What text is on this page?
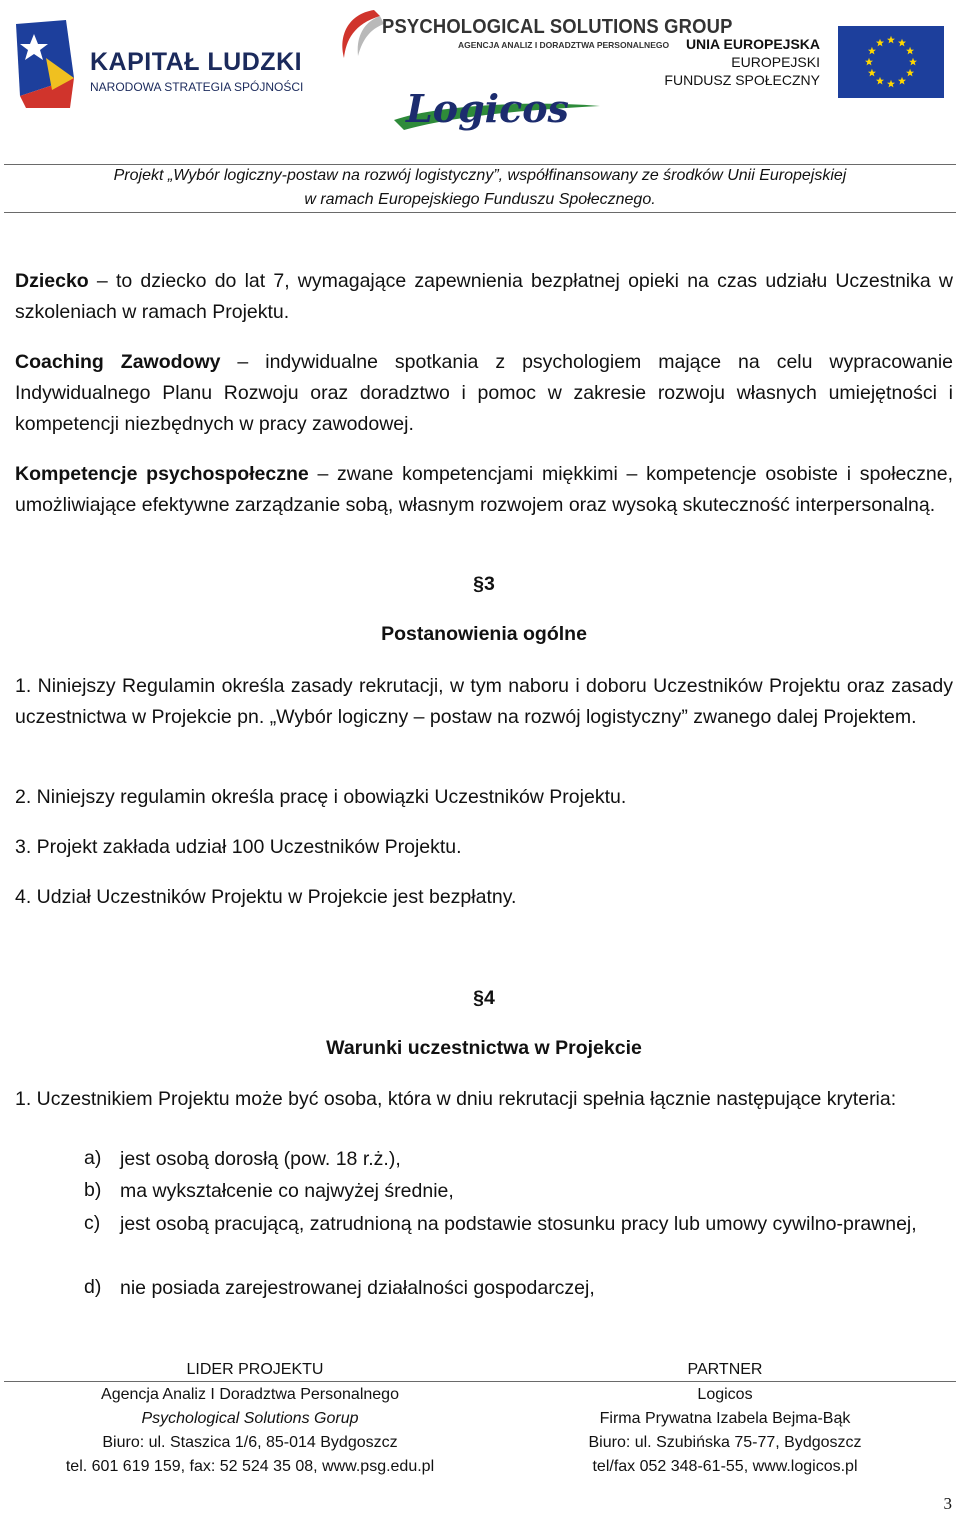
KAPITAŁ LUDZKI
NARODOWA STRATEGIA SPÓJNOŚCI
PSYCHOLOGICAL SOLUTIONS GROUP
AGENCJA ANALIZ I DORADZTWA PERSONALNEGO
Logicos
UNIA EUROPEJSKA
EUROPEJSKI
FUNDUSZ SPOŁECZNY
Projekt „Wybór logiczny-postaw na rozwój logistyczny”, współfinansowany ze środków Unii Europejskiej
w ramach Europejskiego Funduszu Społecznego.
Dziecko – to dziecko do lat 7, wymagające zapewnienia bezpłatnej opieki na czas udziału Uczestnika w szkoleniach w ramach Projektu.
Coaching Zawodowy – indywidualne spotkania z psychologiem mające na celu wypracowanie Indywidualnego Planu Rozwoju oraz doradztwo i pomoc w zakresie rozwoju własnych umiejętności i kompetencji niezbędnych w pracy zawodowej.
Kompetencje psychospołeczne – zwane kompetencjami miękkimi – kompetencje osobiste i społeczne, umożliwiające efektywne zarządzanie sobą, własnym rozwojem oraz wysoką skuteczność interpersonalną.
§3
Postanowienia ogólne
1. Niniejszy Regulamin określa zasady rekrutacji, w tym naboru i doboru Uczestników Projektu oraz zasady uczestnictwa w Projekcie pn. „Wybór logiczny – postaw na rozwój logistyczny” zwanego dalej Projektem.
2. Niniejszy regulamin określa pracę i obowiązki Uczestników Projektu.
3. Projekt zakłada udział 100 Uczestników Projektu.
4. Udział Uczestników Projektu w Projekcie jest bezpłatny.
§4
Warunki uczestnictwa w Projekcie
1. Uczestnikiem Projektu może być osoba, która w dniu rekrutacji spełnia łącznie następujące kryteria:
a) jest osobą dorosłą (pow. 18 r.ż.),
b) ma wykształcenie co najwyżej średnie,
c) jest osobą pracującą, zatrudnioną na podstawie stosunku pracy lub umowy cywilno-prawnej,
d) nie posiada zarejestrowanej działalności gospodarczej,
LIDER PROJEKTU	PARTNER
Agencja Analiz I Doradztwa Personalnego
Psychological Solutions Gorup
Biuro: ul. Staszica 1/6, 85-014 Bydgoszcz
tel. 601 619 159, fax: 52 524 35 08, www.psg.edu.pl
Logicos
Firma Prywatna Izabela Bejma-Bąk
Biuro: ul. Szubińska 75-77, Bydgoszcz
tel/fax 052 348-61-55, www.logicos.pl
3
